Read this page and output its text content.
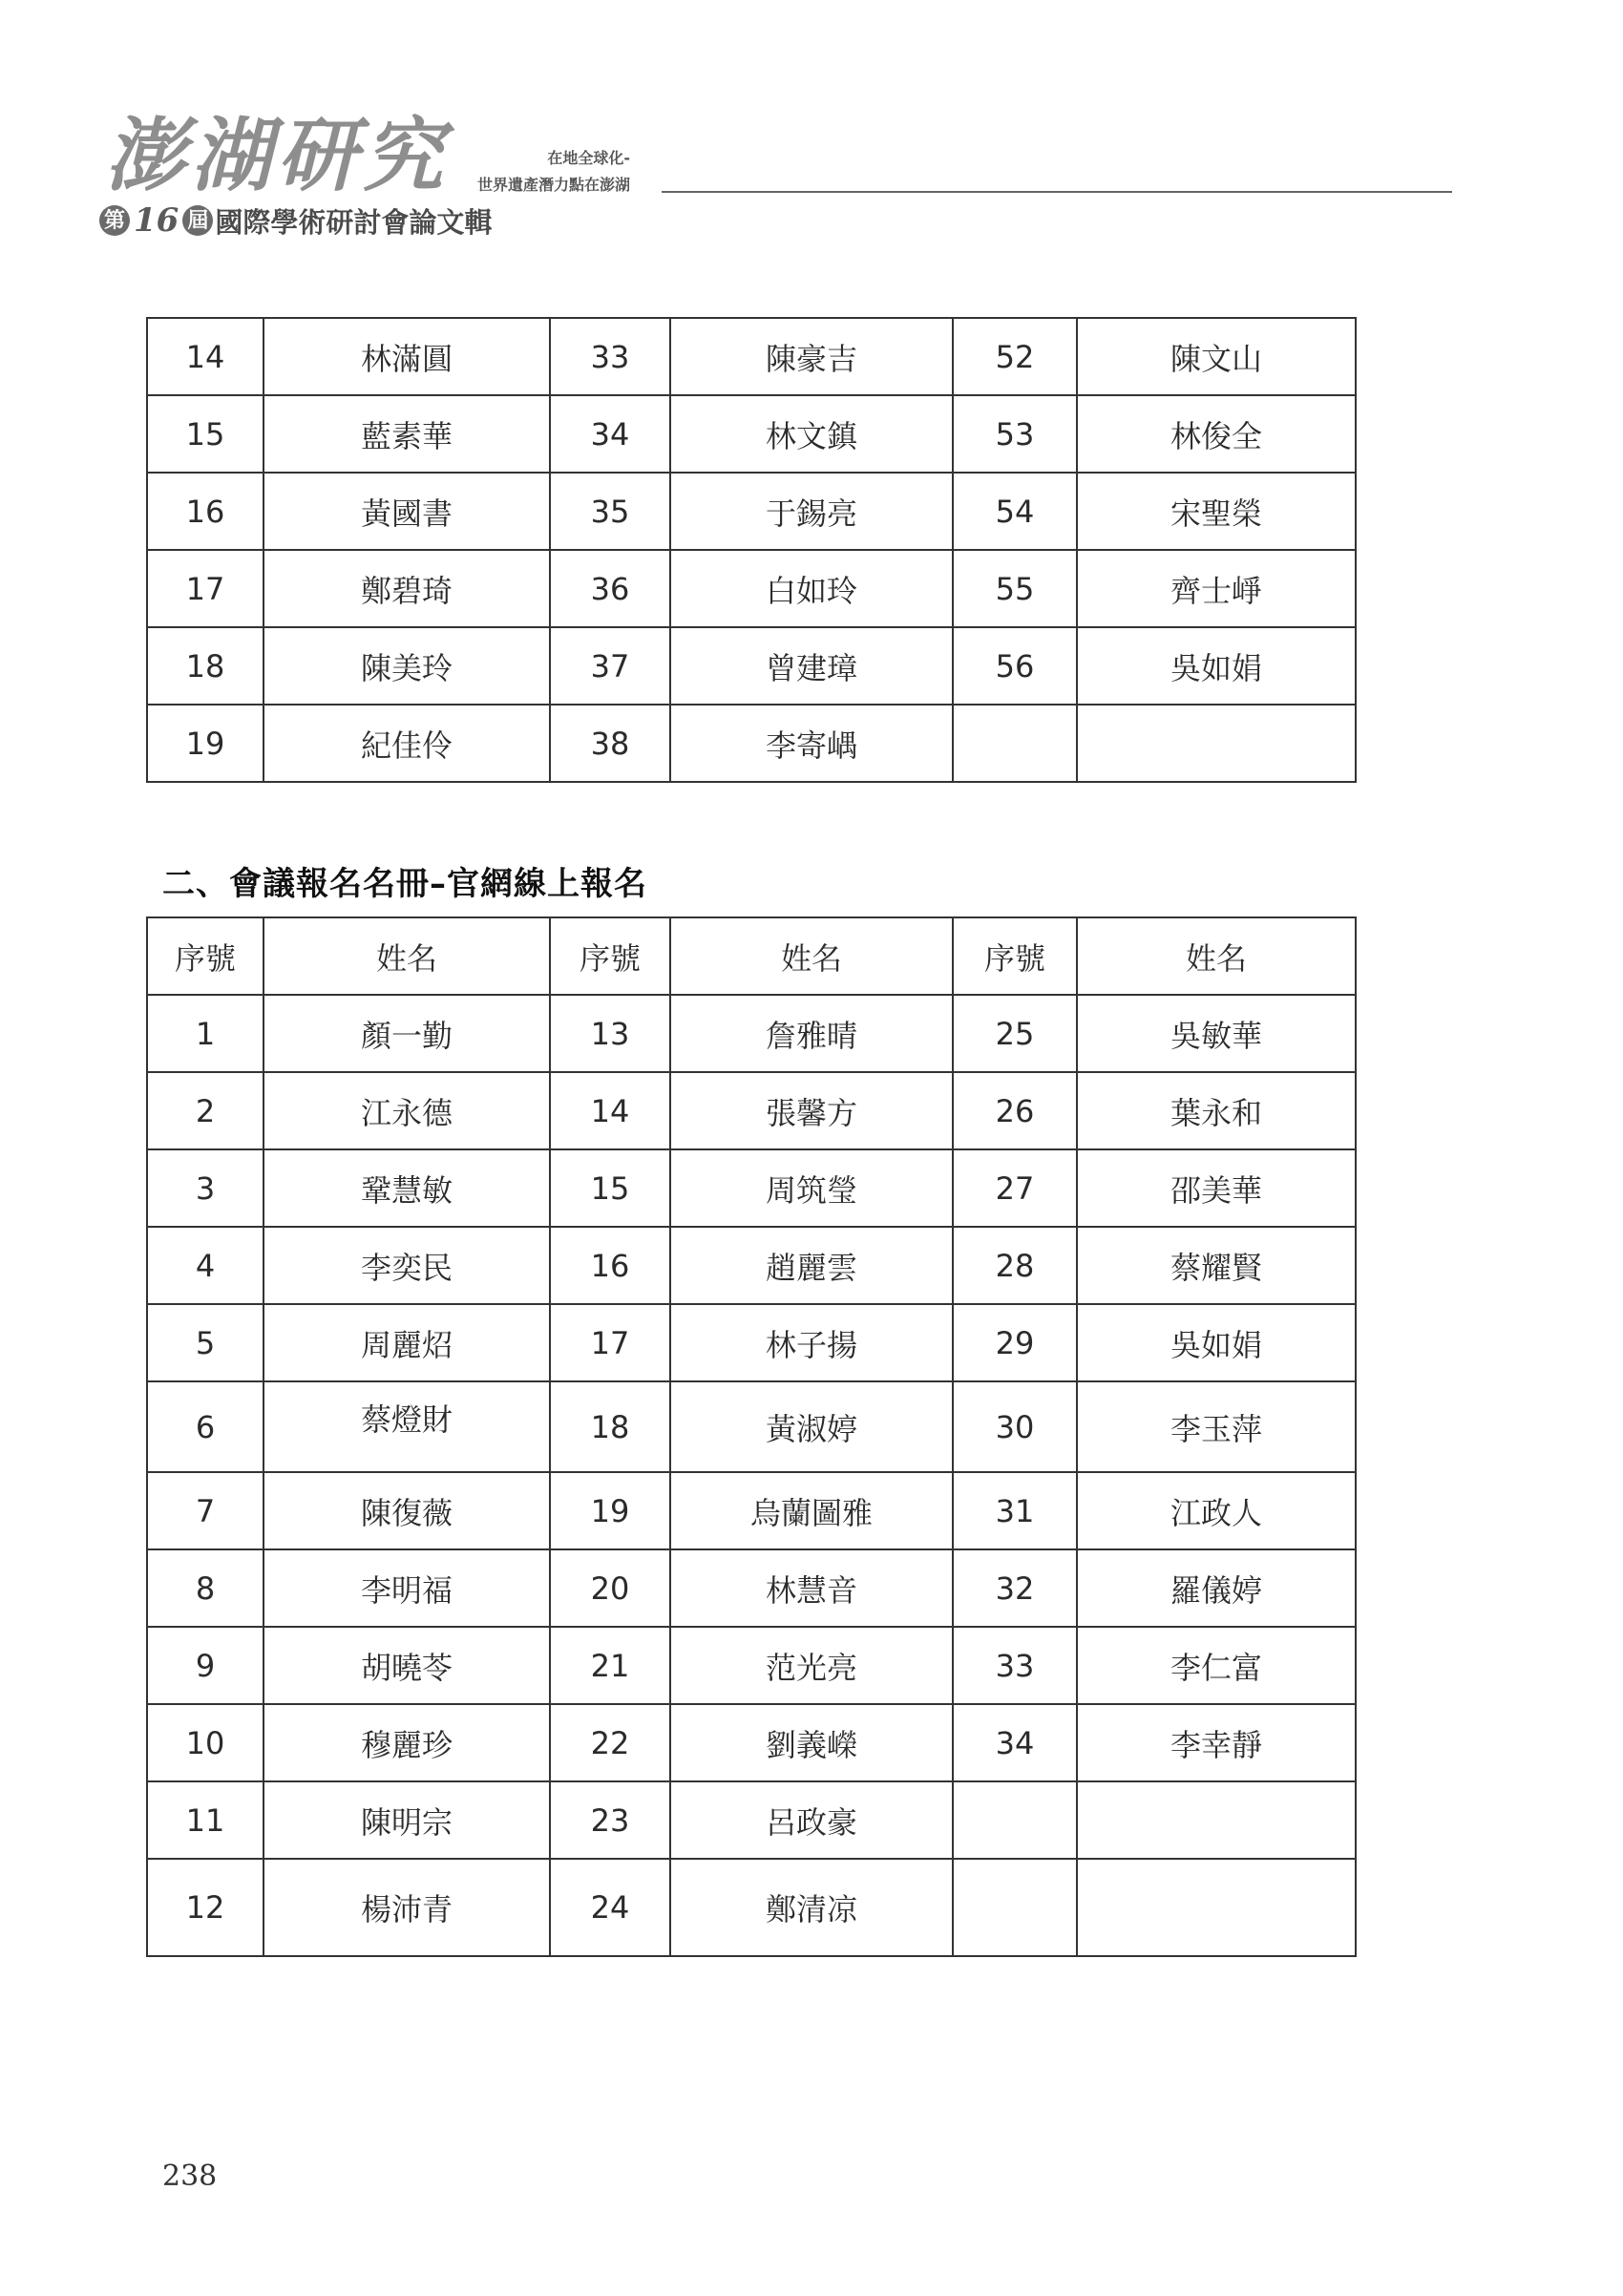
澎湖研究
第 16 屆 國際學術研討會論文輯
在地全球化-
世界遺產潛力點在澎湖
14	林滿圓	33	陳豪吉	52	陳文山
15	藍素華	34	林文鎮	53	林俊全
16	黃國書	35	于錫亮	54	宋聖榮
17	鄭碧琦	36	白如玲	55	齊士崢
18	陳美玲	37	曾建璋	56	吳如娟
19	紀佳伶	38	李寄嵎		
二、會議報名名冊–官網線上報名
序號	姓名	序號	姓名	序號	姓名
1	顏一勤	13	詹雅晴	25	吳敏華
2	江永德	14	張馨方	26	葉永和
3	鞏慧敏	15	周筑瑩	27	邵美華
4	李奕民	16	趙麗雲	28	蔡耀賢
5	周麗炤	17	林子揚	29	吳如娟
6	蔡燈財	18	黃淑婷	30	李玉萍
7	陳復薇	19	烏蘭圖雅	31	江政人
8	李明福	20	林慧音	32	羅儀婷
9	胡曉苓	21	范光亮	33	李仁富
10	穆麗珍	22	劉義嶸	34	李幸靜
11	陳明宗	23	呂政豪		
12	楊沛青	24	鄭清凉		
238
